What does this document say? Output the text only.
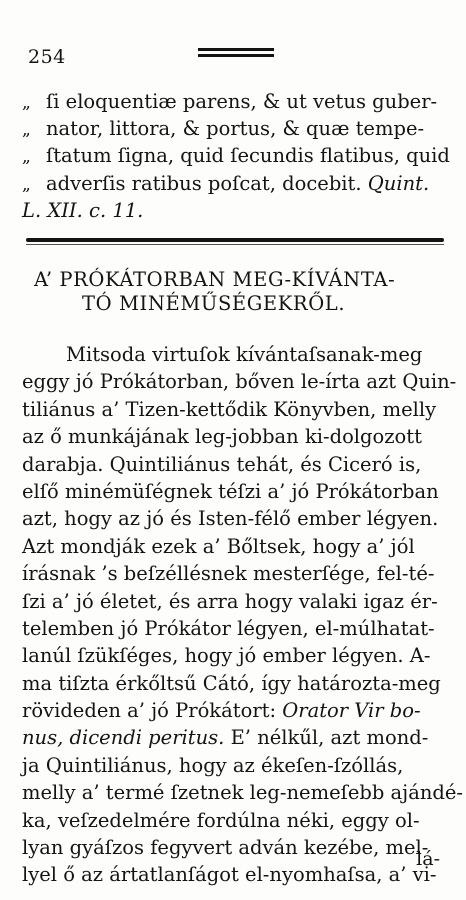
254
„ ſi eloquentiæ parens, & ut vetus guber-
„ nator, littora, & portus, & quæ tempe-
„ ſtatum ſigna, quid ſecundis flatibus, quid
„ adverſis ratibus poſcat, docebit. Quint.
L. XII. c. 11.
A’ PRÓKÁTORBAN MEG-KÍVÁNTA-
TÓ MINÉMŰSÉGEKRŐL.
Mitsoda virtuſok kívántaſsanak-meg
eggy jó Prókátorban, bőven le-írta azt Quin-
tiliánus a’ Tizen-kettődik Könyvben, melly
az ő munkájának leg-jobban ki-dolgozott
darabja. Quintiliánus tehát, és Ciceró is,
elſő minémüſégnek téſzi a’ jó Prókátorban
azt, hogy az jó és Isten-félő ember légyen.
Azt mondják ezek a’ Bőltsek, hogy a’ jól
írásnak ’s beſzéllésnek mesterſége, fel-té-
ſzi a’ jó életet, és arra hogy valaki igaz ér-
telemben jó Prókátor légyen, el-múlhatat-
lanúl ſzükſéges, hogy jó ember légyen. A-
ma tiſzta érkőltsű Cátó, így határozta-meg
rövideden a’ jó Prókátort: Orator Vir bo-
nus, dicendi peritus. E’ nélkűl, azt mond-
ja Quintiliánus, hogy az ékeſen-ſzóllás,
melly a’ termé ſzetnek leg-nemeſebb ajándé-
ka, veſzedelmére fordúlna néki, eggy ol-
lyan gyáſzos fegyvert adván kezébe, mel-
lyel ő az ártatlanſágot el-nyomhaſsa, a’ vi-
lá-
